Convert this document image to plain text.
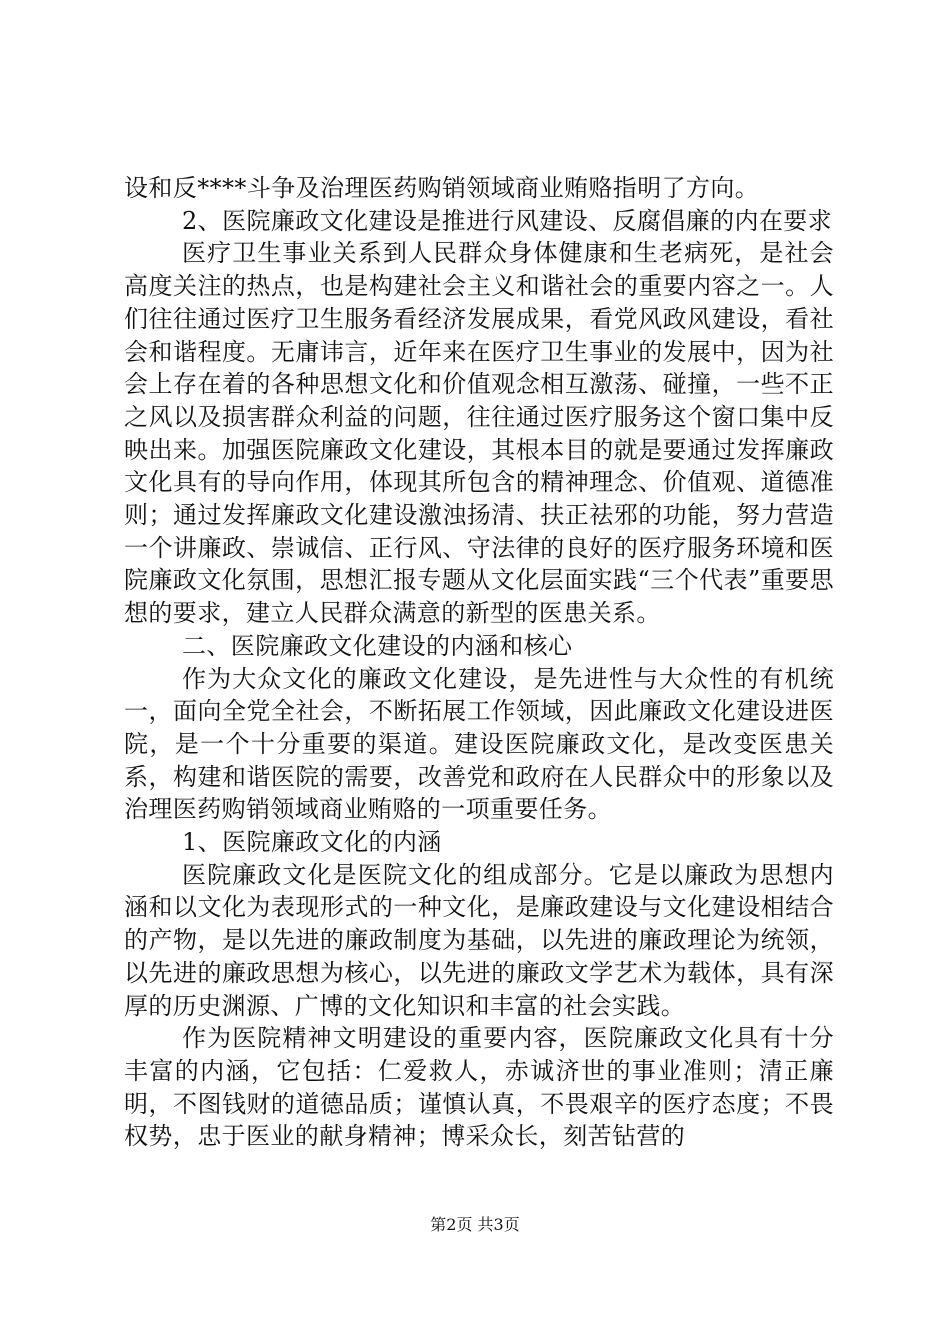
设和反****斗争及治理医药购销领域商业贿赂指明了方向。

2、医院廉政文化建设是推进行风建设、反腐倡廉的内在要求

医疗卫生事业关系到人民群众身体健康和生老病死，是社会高度关注的热点，也是构建社会主义和谐社会的重要内容之一。人们往往通过医疗卫生服务看经济发展成果，看党风政风建设，看社会和谐程度。无庸讳言，近年来在医疗卫生事业的发展中，因为社会上存在着的各种思想文化和价值观念相互激荡、碰撞，一些不正之风以及损害群众利益的问题，往往通过医疗服务这个窗口集中反映出来。加强医院廉政文化建设，其根本目的就是要通过发挥廉政文化具有的导向作用，体现其所包含的精神理念、价值观、道德准则；通过发挥廉政文化建设激浊扬清、扶正祛邪的功能，努力营造一个讲廉政、崇诚信、正行风、守法律的良好的医疗服务环境和医院廉政文化氛围，思想汇报专题从文化层面实践“三个代表”重要思想的要求，建立人民群众满意的新型的医患关系。

二、医院廉政文化建设的内涵和核心

作为大众文化的廉政文化建设，是先进性与大众性的有机统一，面向全党全社会，不断拓展工作领域，因此廉政文化建设进医院，是一个十分重要的渠道。建设医院廉政文化，是改变医患关系，构建和谐医院的需要，改善党和政府在人民群众中的形象以及治理医药购销领域商业贿赂的一项重要任务。

1、医院廉政文化的内涵

医院廉政文化是医院文化的组成部分。它是以廉政为思想内涵和以文化为表现形式的一种文化，是廉政建设与文化建设相结合的产物，是以先进的廉政制度为基础，以先进的廉政理论为统领，以先进的廉政思想为核心，以先进的廉政文学艺术为载体，具有深厚的历史渊源、广博的文化知识和丰富的社会实践。

作为医院精神文明建设的重要内容，医院廉政文化具有十分丰富的内涵，它包括：仁爱救人，赤诚济世的事业准则；清正廉明，不图钱财的道德品质；谨慎认真，不畏艰辛的医疗态度；不畏权势，忠于医业的献身精神；博采众长，刻苦钻营的

第2页 共3页
